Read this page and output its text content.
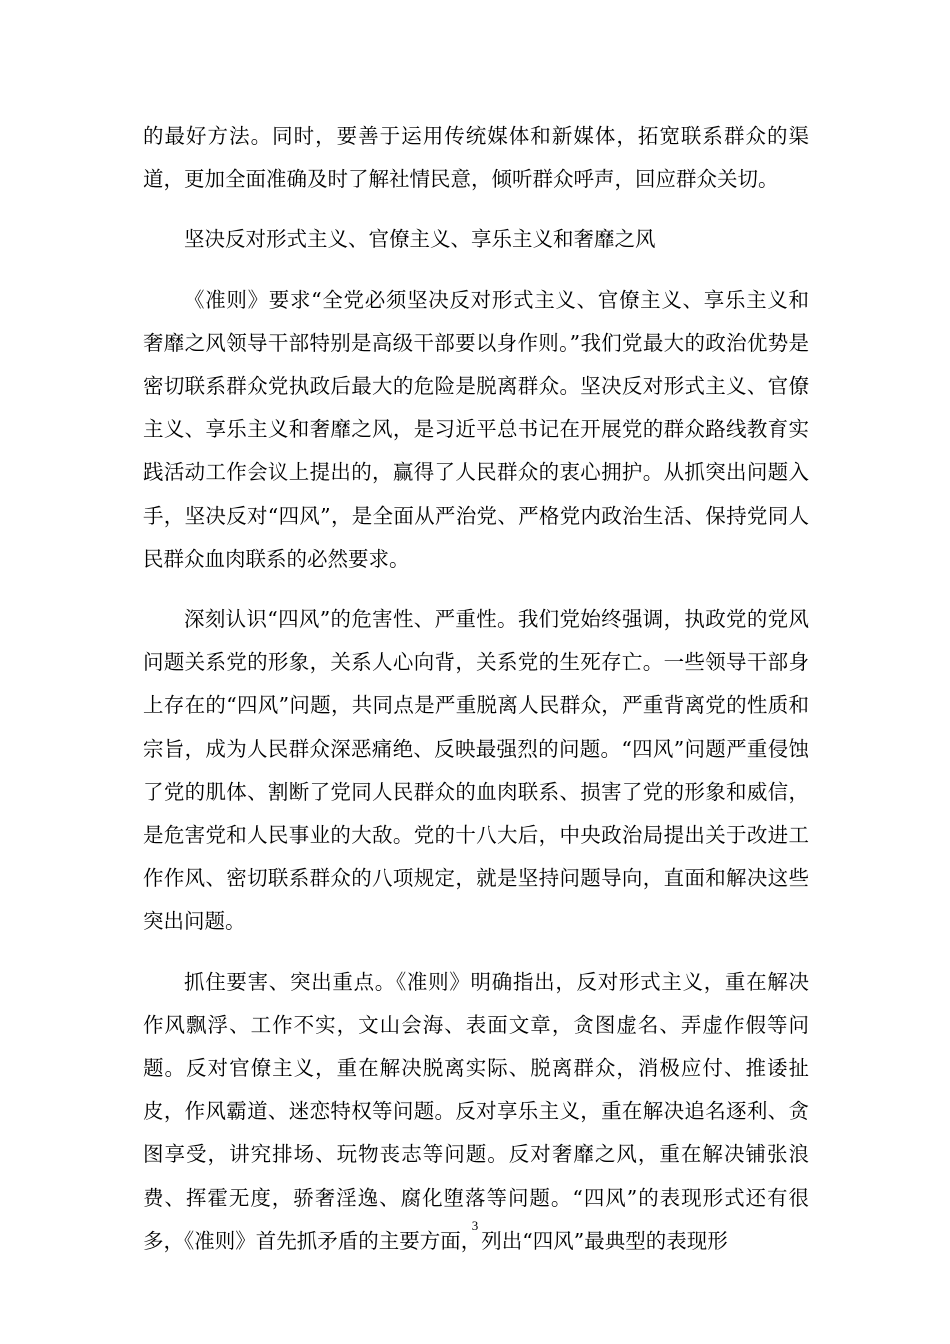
的最好方法。同时，要善于运用传统媒体和新媒体，拓宽联系群众的渠道，更加全面准确及时了解社情民意，倾听群众呼声，回应群众关切。

坚决反对形式主义、官僚主义、享乐主义和奢靡之风

《准则》要求“全党必须坚决反对形式主义、官僚主义、享乐主义和奢靡之风领导干部特别是高级干部要以身作则。”我们党最大的政治优势是密切联系群众党执政后最大的危险是脱离群众。坚决反对形式主义、官僚主义、享乐主义和奢靡之风，是习近平总书记在开展党的群众路线教育实践活动工作会议上提出的，赢得了人民群众的衷心拥护。从抓突出问题入手，坚决反对“四风”，是全面从严治党、严格党内政治生活、保持党同人民群众血肉联系的必然要求。

深刻认识“四风”的危害性、严重性。我们党始终强调，执政党的党风问题关系党的形象，关系人心向背，关系党的生死存亡。一些领导干部身上存在的“四风”问题，共同点是严重脱离人民群众，严重背离党的性质和宗旨，成为人民群众深恶痛绝、反映最强烈的问题。“四风”问题严重侵蚀了党的肌体、割断了党同人民群众的血肉联系、损害了党的形象和威信，是危害党和人民事业的大敌。党的十八大后，中央政治局提出关于改进工作作风、密切联系群众的八项规定，就是坚持问题导向，直面和解决这些突出问题。

抓住要害、突出重点。《准则》明确指出，反对形式主义，重在解决作风飘浮、工作不实，文山会海、表面文章，贪图虚名、弄虚作假等问题。反对官僚主义，重在解决脱离实际、脱离群众，消极应付、推诿扯皮，作风霸道、迷恋特权等问题。反对享乐主义，重在解决追名逐利、贪图享受，讲究排场、玩物丧志等问题。反对奢靡之风，重在解决铺张浪费、挥霍无度，骄奢淫逸、腐化堕落等问题。“四风”的表现形式还有很多，《准则》首先抓矛盾的主要方面，列出“四风”最典型的表现形

3
